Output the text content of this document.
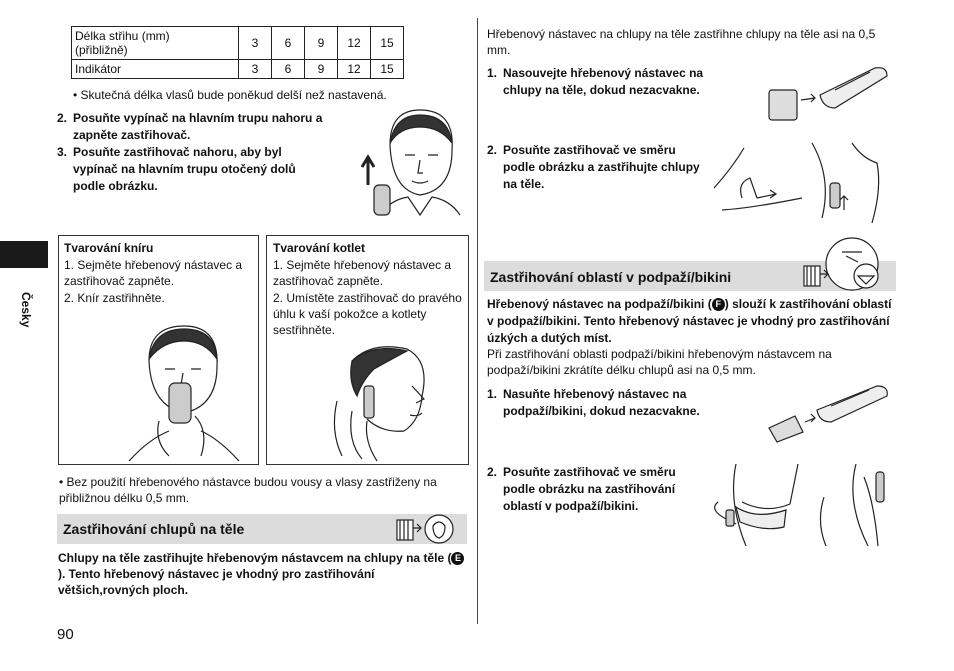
Délka střihu (mm)
(přibližně)	3	6	9	12	15
Indikátor	3	6	9	12	15
• Skutečná délka vlasů bude poněkud delší než nastavená.
2. Posuňte vypínač na hlavním trupu nahoru a zapněte zastřihovač.
3. Posuňte zastřihovač nahoru, aby byl vypínač na hlavním trupu otočený dolů podle obrázku.
Tvarování kníru
1. Sejměte hřebenový nástavec a zastřihovač zapněte.
2. Knír zastřihněte.
Tvarování kotlet
1. Sejměte hřebenový nástavec a zastřihovač zapněte.
2. Umístěte zastřihovač do pravého úhlu k vaší pokožce a kotlety sestřihněte.
• Bez použití hřebenového nástavce budou vousy a vlasy zastřiženy na přibližnou délku 0,5 mm.
Zastřihování chlupů na těle
Chlupy na těle zastřihujte hřebenovým nástavcem na chlupy na těle ( E). Tento hřebenový nástavec je vhodný pro zastřihování většich,rovných ploch.
90
Česky
Hřebenový nástavec na chlupy na těle zastřihne chlupy na těle asi na 0,5 mm.
1. Nasouvejte hřebenový nástavec na chlupy na těle, dokud nezacvakne.
2. Posuňte zastřihovač ve směru podle obrázku a zastřihujte chlupy na těle.
Zastřihování oblastí v podpaží/bikini
Hřebenový nástavec na podpaží/bikini ( F ) slouží k zastřihování oblastí v podpaží/bikini. Tento hřebenový nástavec je vhodný pro zastřihování úzkých a dutých míst.
Při zastřihování oblasti podpaží/bikini hřebenovým nástavcem na podpaží/bikini zkrátíte délku chlupů asi na 0,5 mm.
1. Nasuňte hřebenový nástavec na podpaží/bikini, dokud nezacvakne.
2. Posuňte zastřihovač ve směru podle obrázku na zastřihování oblastí v podpaží/bikini.
